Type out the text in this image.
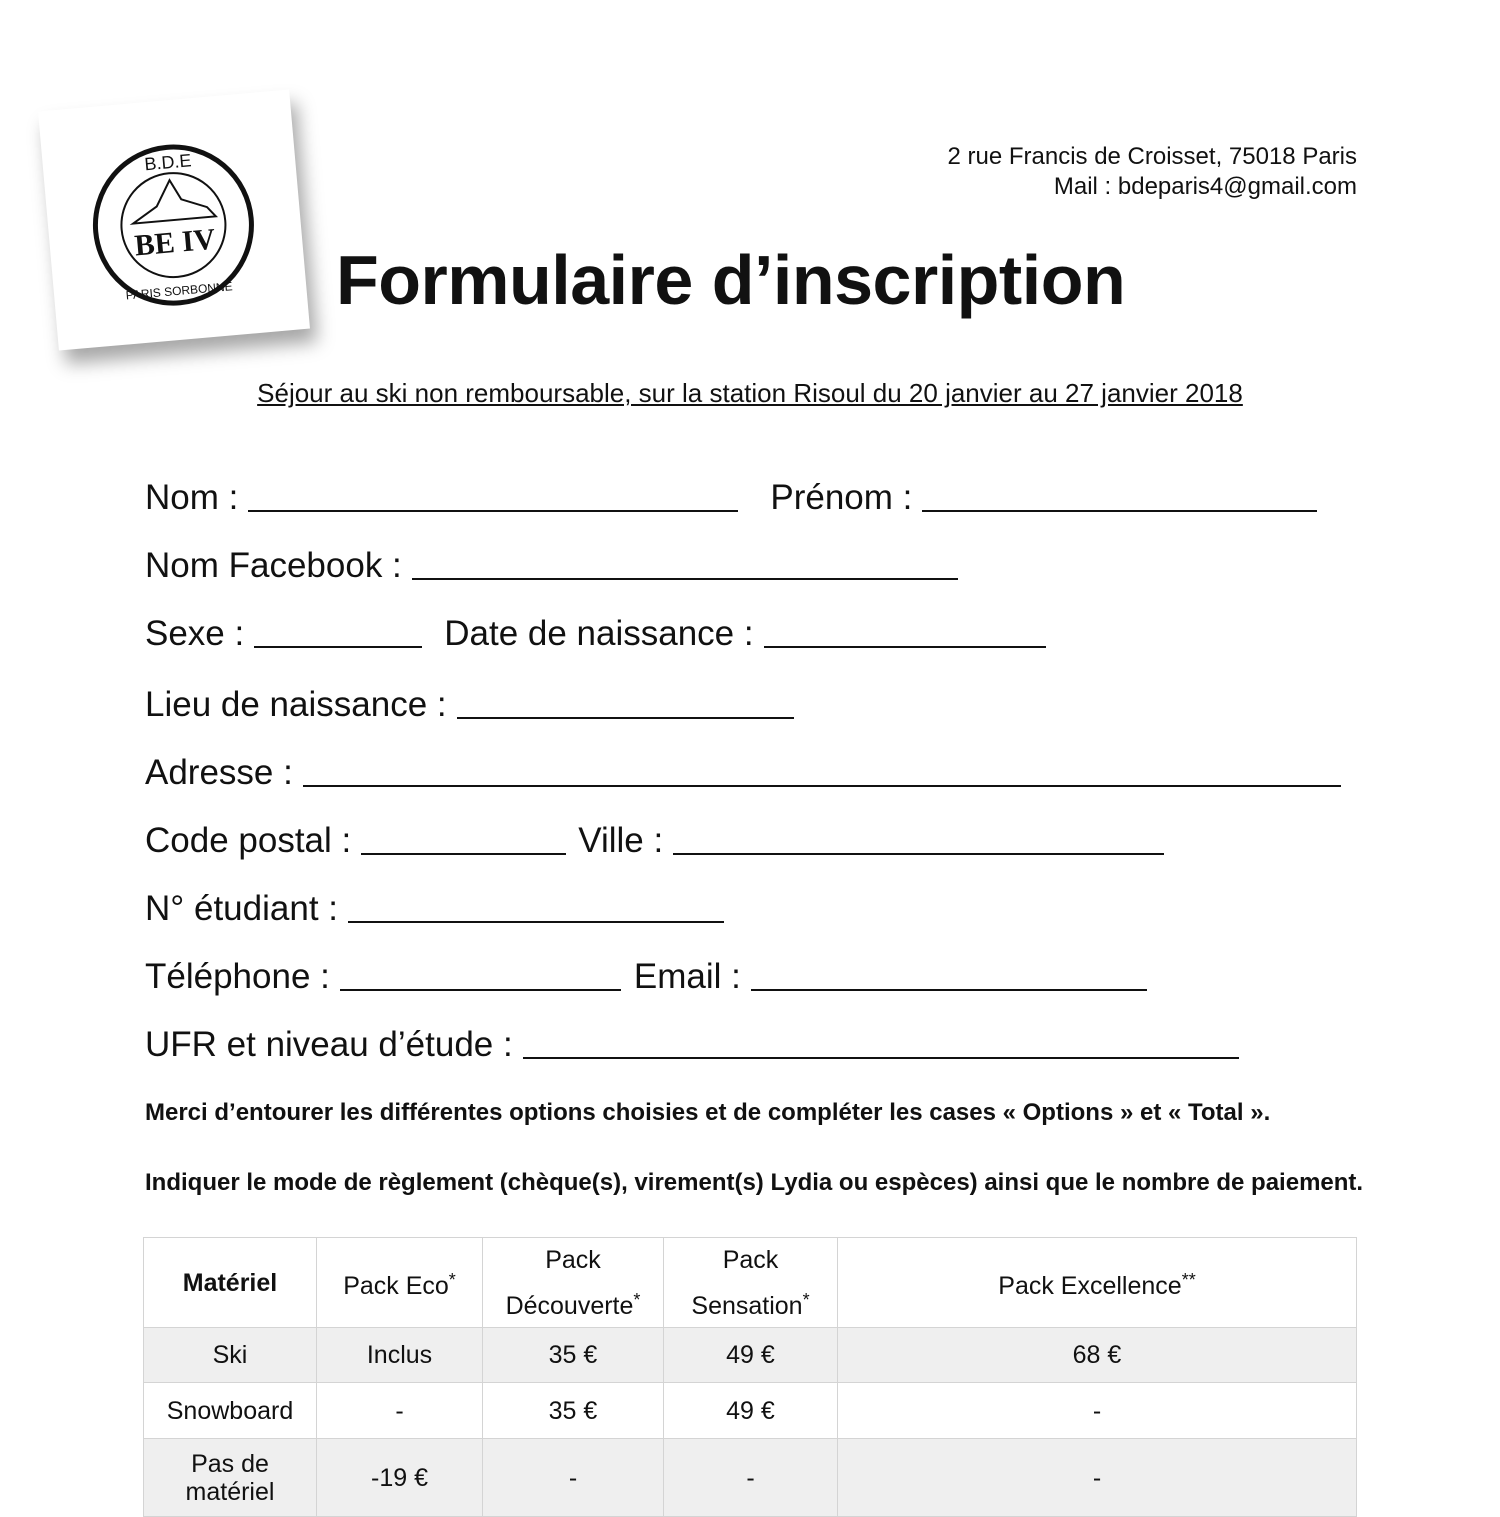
B.D.E
BE IV
PARIS SORBONNE
2 rue Francis de Croisset, 75018 Paris
Mail : bdeparis4@gmail.com
Formulaire d’inscription
Séjour au ski non remboursable, sur la station Risoul du 20 janvier au 27 janvier 2018
Nom :	Prénom :
Nom Facebook :
Sexe :	Date de naissance :
Lieu de naissance :
Adresse :
Code postal :	Ville :
N° étudiant :
Téléphone :	Email :
UFR et niveau d’étude :
Merci d’entourer les différentes options choisies et de compléter les cases « Options » et « Total ».
Indiquer le mode de règlement (chèque(s), virement(s) Lydia ou espèces) ainsi que le nombre de paiement.
Matériel	Pack Eco*	Pack Découverte*	Pack Sensation*	Pack Excellence**
Ski	Inclus	35 €	49 €	68 €
Snowboard	-	35 €	49 €	-
Pas de matériel	-19 €	-	-	-
